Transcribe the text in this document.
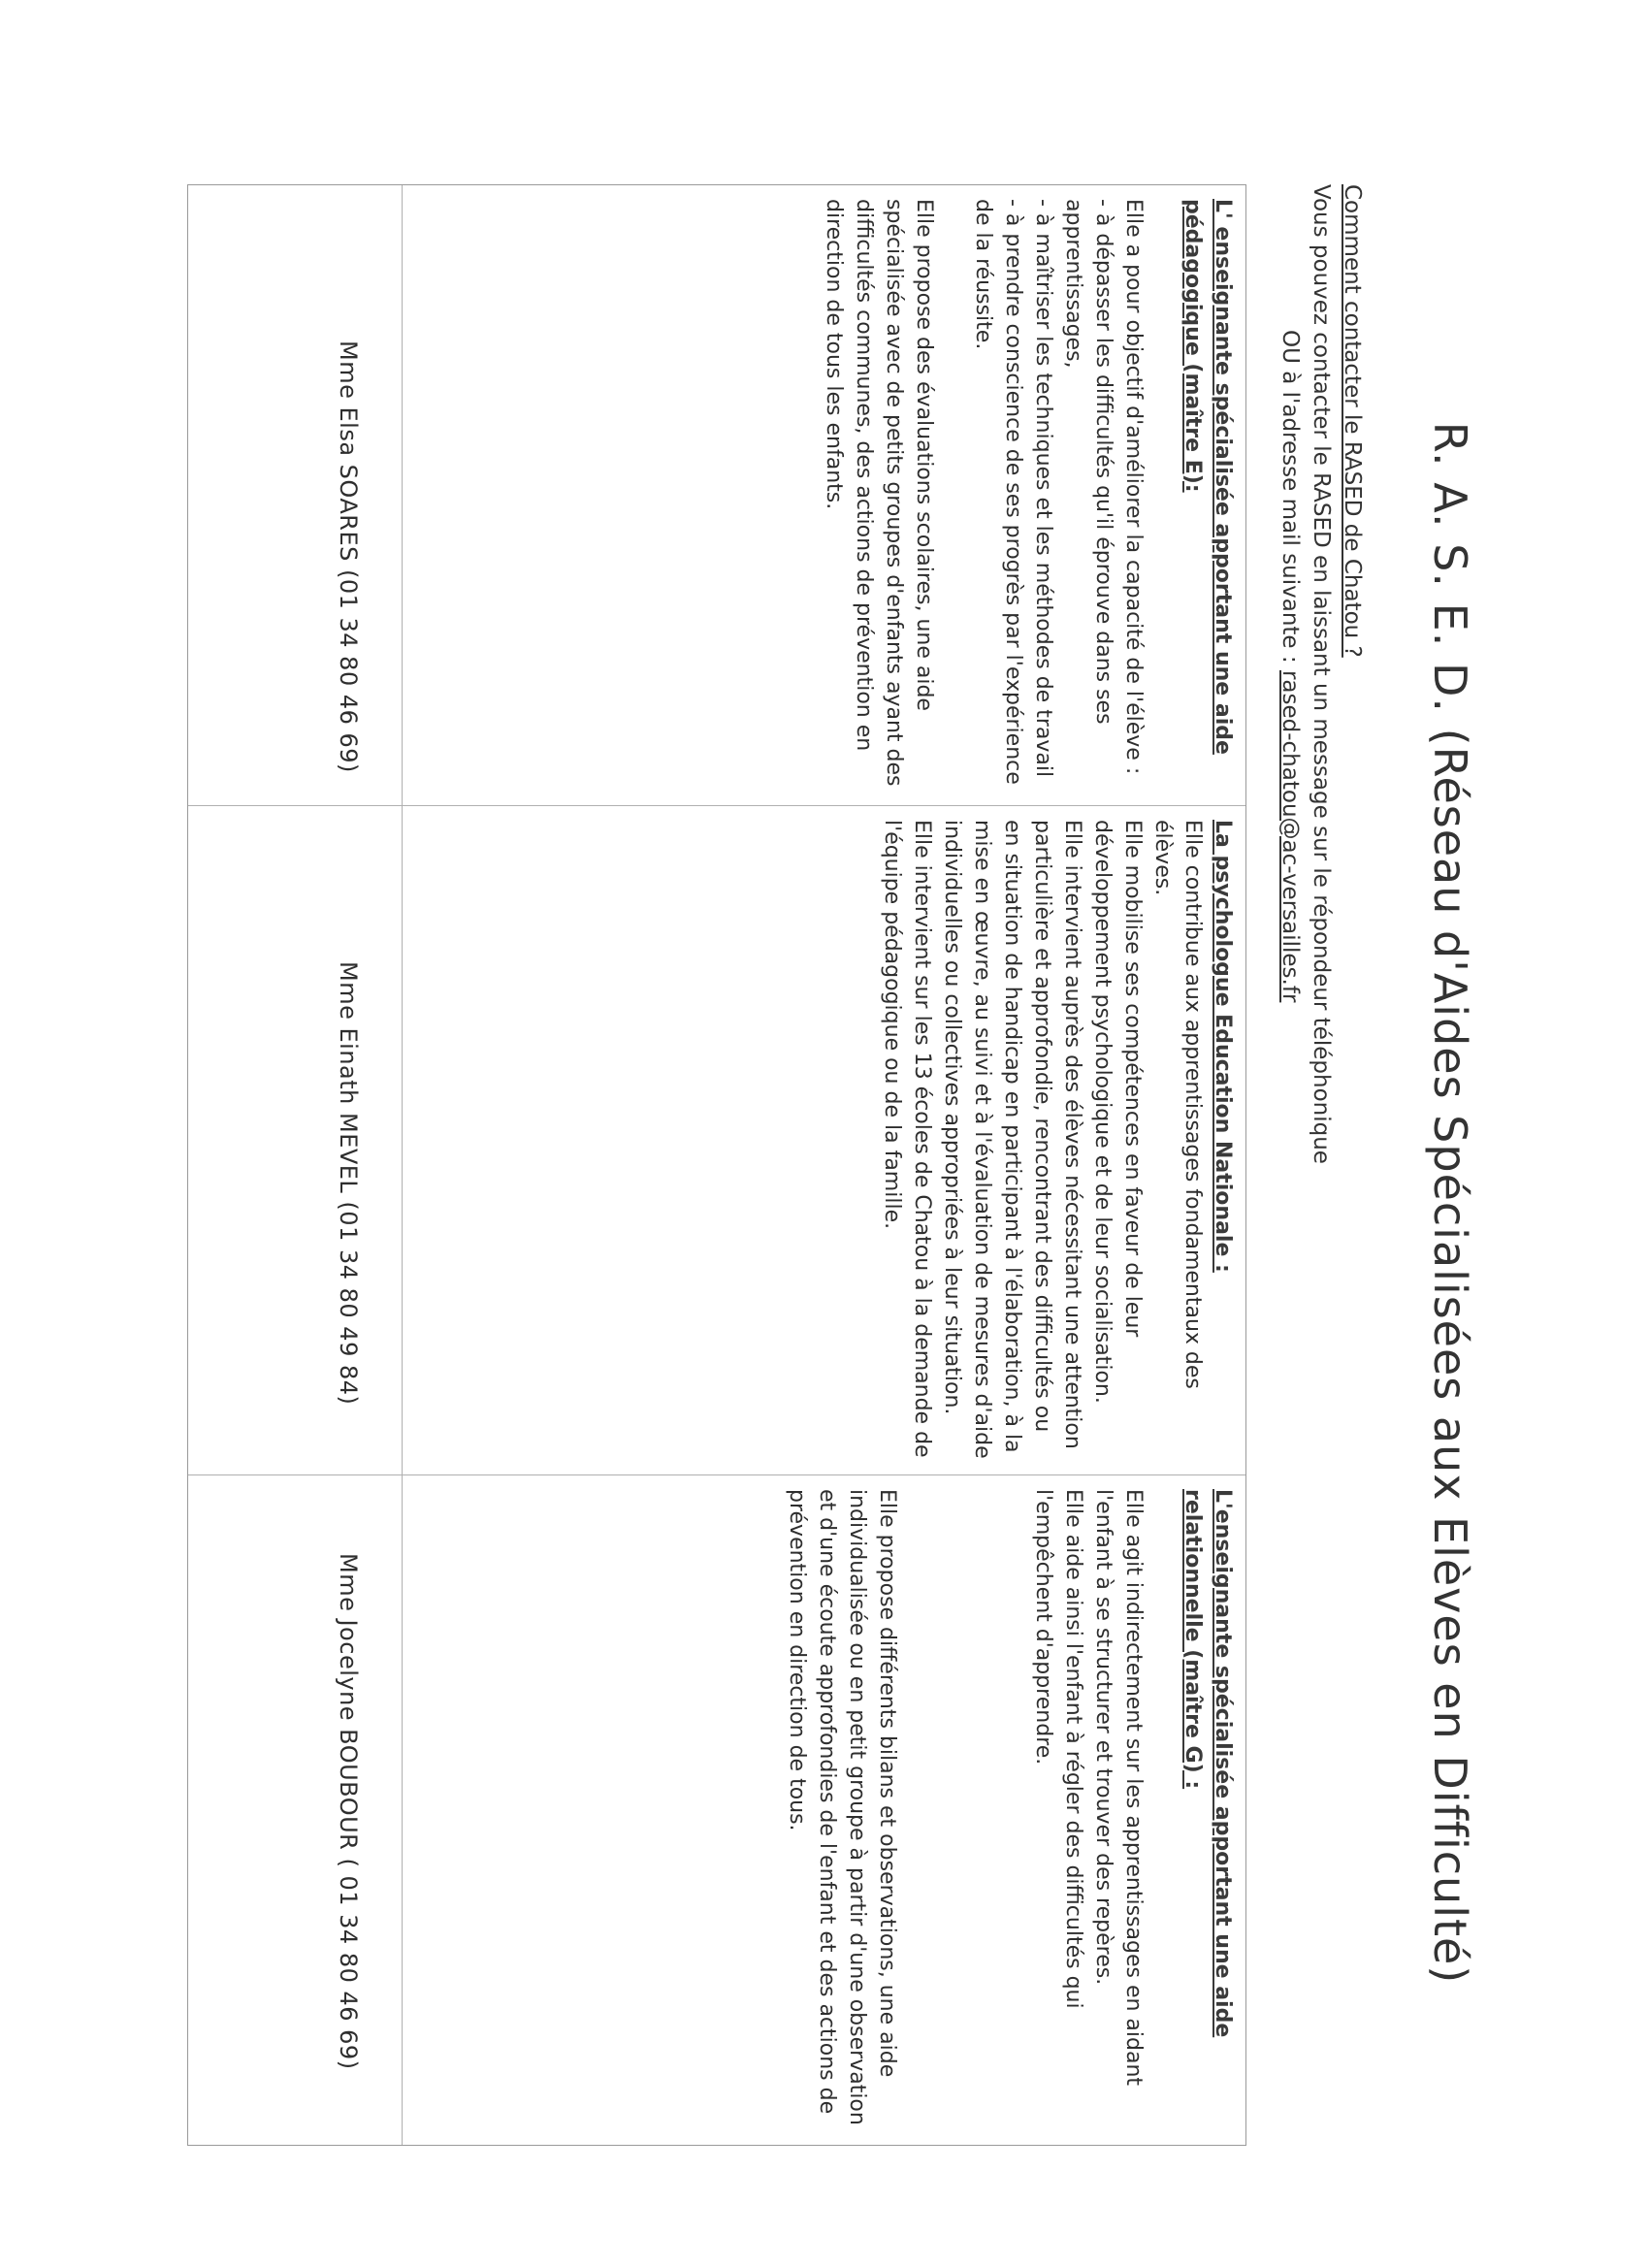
R. A. S. E. D. (Réseau d'Aides Spécialisées aux Elèves en Difficulté)
Comment contacter le RASED de Chatou ?
Vous pouvez contacter le RASED en laissant un message sur le répondeur téléphonique
OU à l'adresse mail suivante : rased-chatou@ac-versailles.fr
L' enseignante spécialisée apportant une aide pédagogique (maître E):

Elle a pour objectif d'améliorer la capacité de l'élève :

- à dépasser les difficultés qu'il éprouve dans ses apprentissages,

- à maîtriser les techniques et les méthodes de travail

- à prendre conscience de ses progrès par l'expérience de la réussite.

Elle propose des évaluations scolaires, une aide spécialisée avec de petits groupes d'enfants ayant des difficultés communes, des actions de prévention en direction de tous les enfants.

La psychologue Education Nationale :

Elle contribue aux apprentissages fondamentaux des élèves.

Elle mobilise ses compétences en faveur de leur développement psychologique et de leur socialisation.

Elle intervient auprès des élèves nécessitant une attention particulière et approfondie, rencontrant des difficultés ou en situation de handicap en participant à l'élaboration, à la mise en œuvre, au suivi et à l'évaluation de mesures d'aide individuelles ou collectives appropriées à leur situation.

Elle intervient sur les 13 écoles de Chatou à la demande de l'équipe pédagogique ou de la famille.

L'enseignante spécialisée apportant une aide relationnelle (maître G) :

Elle agit indirectement sur les apprentissages en aidant l'enfant à se structurer et trouver des repères.

Elle aide ainsi l'enfant à régler des difficultés qui l'empêchent d'apprendre.

Elle propose différents bilans et observations, une aide individualisée ou en petit groupe à partir d'une observation et d'une écoute approfondies de l'enfant et des actions de prévention en direction de tous.

Mme Elsa SOARES (01 34 80 46 69)
Mme Einath MEVEL (01 34 80 49 84)
Mme Jocelyne BOUBOUR ( 01 34 80 46 69)
